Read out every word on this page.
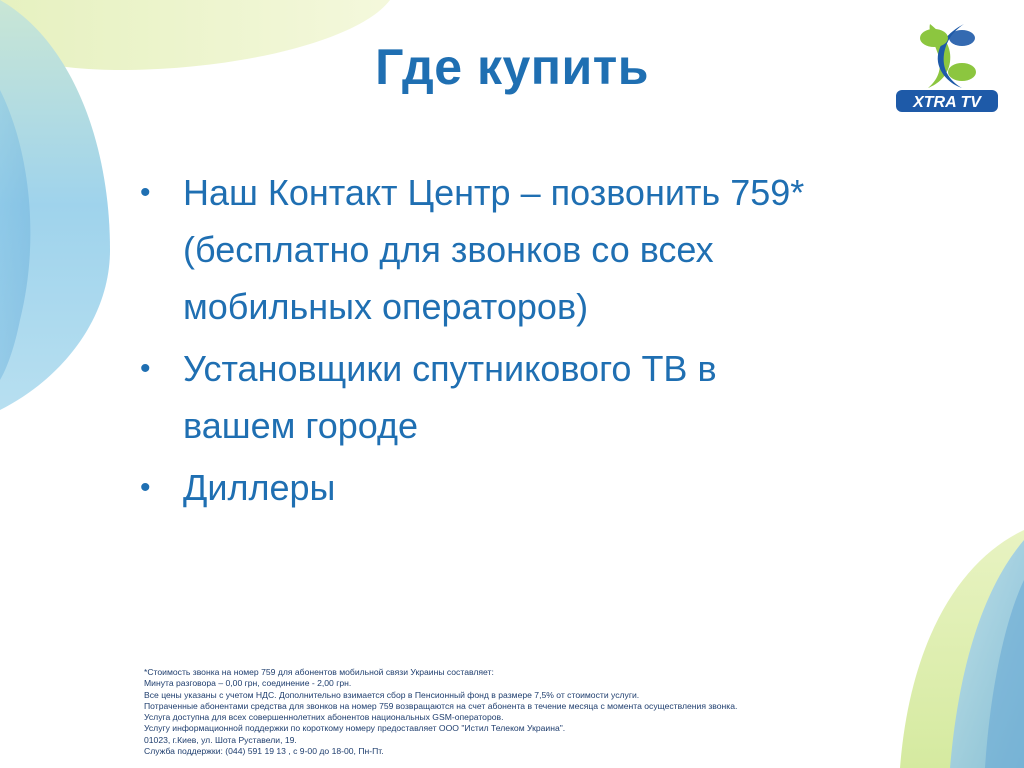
Где купить
XTRA TV
• Наш Контакт Центр – позвонить 759* (бесплатно для звонков со всех мобильных операторов)
• Установщики спутникового ТВ в вашем городе
• Диллеры
*Стоимость звонка на номер 759 для абонентов мобильной связи Украины составляет:
Минута разговора – 0,00 грн, соединение - 2,00 грн.
Все цены указаны с учетом НДС. Дополнительно взимается сбор в Пенсионный фонд в размере 7,5% от стоимости услуги.
Потраченные абонентами средства для звонков на номер 759 возвращаются на счет абонента в течение месяца с момента осуществления звонка.
Услуга доступна для всех совершеннолетних абонентов национальных GSM-операторов.
Услугу информационной поддержки по короткому номеру предоставляет ООО "Истил Телеком Украина".
01023, г.Киев, ул. Шота Руставели, 19.
Служба поддержки: (044) 591 19 13 , с 9-00 до 18-00, Пн-Пт.
